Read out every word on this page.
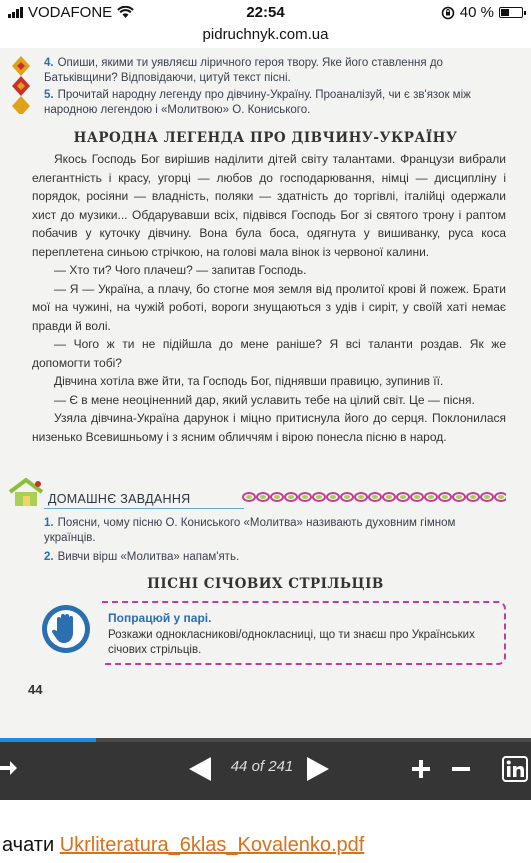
VODAFONE	22:54	40 %
pidruchnyk.com.ua
4. Опиши, якими ти уявляєш ліричного героя твору. Яке його ставлення до Батьківщини? Відповідаючи, цитуй текст пісні.
5. Прочитай народну легенду про дівчину-Україну. Проаналізуй, чи є зв'язок між народною легендою і «Молитвою» О. Кониського.
НАРОДНА ЛЕГЕНДА ПРО ДІВЧИНУ-УКРАЇНУ

Якось Господь Бог вирішив надiлити дітей світу талантами. Французи вибрали елегантність і красу, угорці — любов до господарювання, німці — дисципліну і порядок, росіяни — владність, поляки — здатність до торгівлі, італійці одержали хист до музики... Обдарувавши всіх, підвівся Господь Бог зі святого трону і раптом побачив у куточку дівчину. Вона була боса, одягнута у вишиванку, руса коса переплетена синьою стрічкою, на голові мала вінок із червоної калини.

— Хто ти? Чого плачеш? — запитав Господь.

— Я — Україна, а плачу, бо стогне моя земля від пролитої крові й пожеж. Брати мої на чужині, на чужій роботі, вороги знущаються з удів і сиріт, у своїй хаті немає правди й волі.

— Чого ж ти не підійшла до мене раніше? Я всі таланти роздав. Як же допомогти тобі?

Дівчина хотіла вже йти, та Господь Бог, піднявши правицю, зупинив її.

— Є в мене неоціненний дар, який уславить тебе на цілий світ. Це — пісня.

Узяла дівчина-Україна дарунок і міцно притиснула його до серця. Поклонилася низенько Всевишньому і з ясним обличчям і вірою понесла пісню в народ.

ДОМАШНЄ ЗАВДАННЯ
1. Поясни, чому пісню О. Кониського «Молитва» називають духовним гімном українців.
2. Вивчи вірш «Молитва» напам'ять.
ПІСНІ СІЧОВИХ СТРІЛЬЦІВ
Попрацюй у парі.
Розкажи однокласникові/однокласниці, що ти знаєш про Українських січових стрільців.
44
44 of 241
ачати Ukrliteratura_6klas_Kovalenko.pdf
